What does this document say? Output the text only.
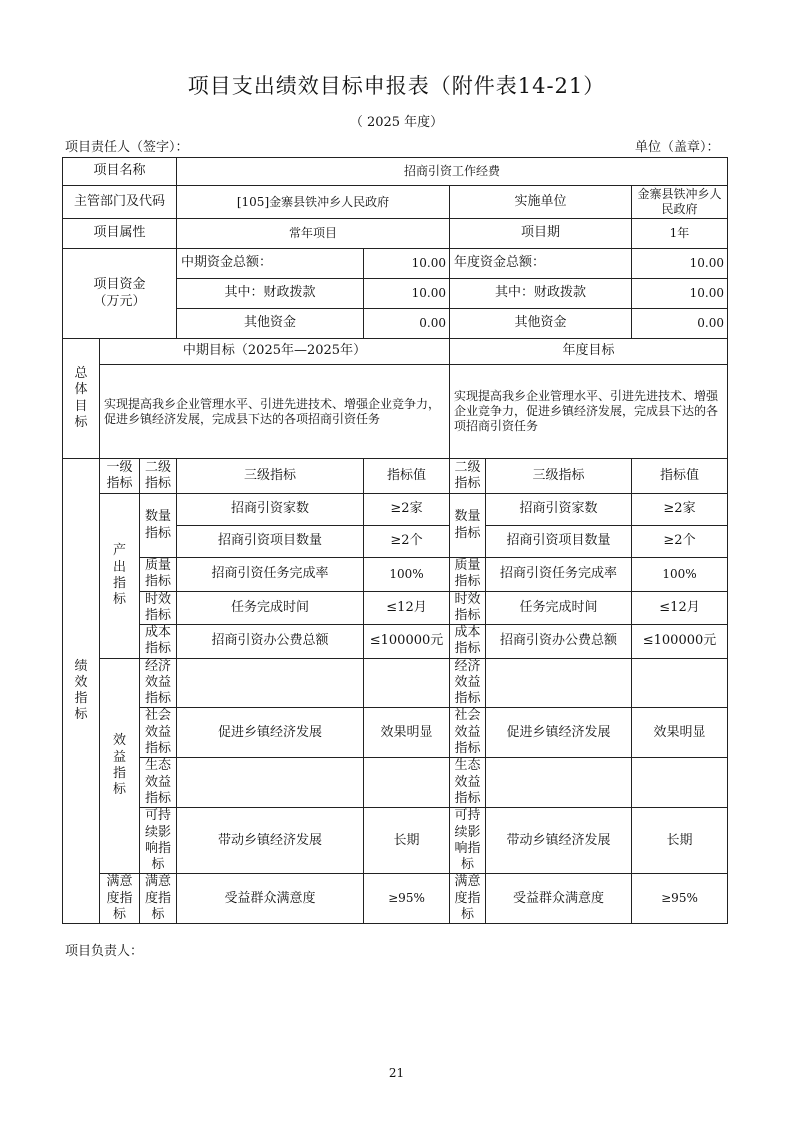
项目支出绩效目标申报表（附件表14-21）
（ 2025 年度）
项目责任人（签字）：	单位（盖章）：
项目名称			招商引资工作经费				
主管部门及代码			[105]金寨县铁冲乡人民政府		实施单位		金寨县铁冲乡人民政府
项目属性			常年项目		项目期		1年
项目资金（万元）			中期资金总额：	10.00	年度资金总额：		10.00
			其中：财政拨款	10.00	其中：财政拨款		10.00
			其他资金	0.00	其他资金		0.00

总
体
目
标	中期目标（2025年—2025年）				年度目标		
	实现提高我乡企业管理水平、引进先进技术、增强企业竞争力，促进乡镇经济发展，完成县下达的各项招商引资任务				实现提高我乡企业管理水平、引进先进技术、增强企业竞争力，促进乡镇经济发展，完成县下达的各项招商引资任务		

绩
效
指
标	一级指标	二级指标	三级指标	指标值	二级指标	三级指标	指标值
	产出指标	数量指标	招商引资家数	≥2家	数量指标	招商引资家数	≥2家
			招商引资项目数量	≥2个		招商引资项目数量	≥2个
		质量指标	招商引资任务完成率	100%	质量指标	招商引资任务完成率	100%
		时效指标	任务完成时间	≤12月	时效指标	任务完成时间	≤12月
		成本指标	招商引资办公费总额	≤100000元	成本指标	招商引资办公费总额	≤100000元
	效益指标	经济效益指标			经济效益指标		
		社会效益指标	促进乡镇经济发展	效果明显	社会效益指标	促进乡镇经济发展	效果明显
		生态效益指标			生态效益指标		
		可持续影响指标	带动乡镇经济发展	长期	可持续影响指标	带动乡镇经济发展	长期
	满意度指标	满意度指标	受益群众满意度	≥95%	满意度指标	受益群众满意度	≥95%
项目负责人：
21
